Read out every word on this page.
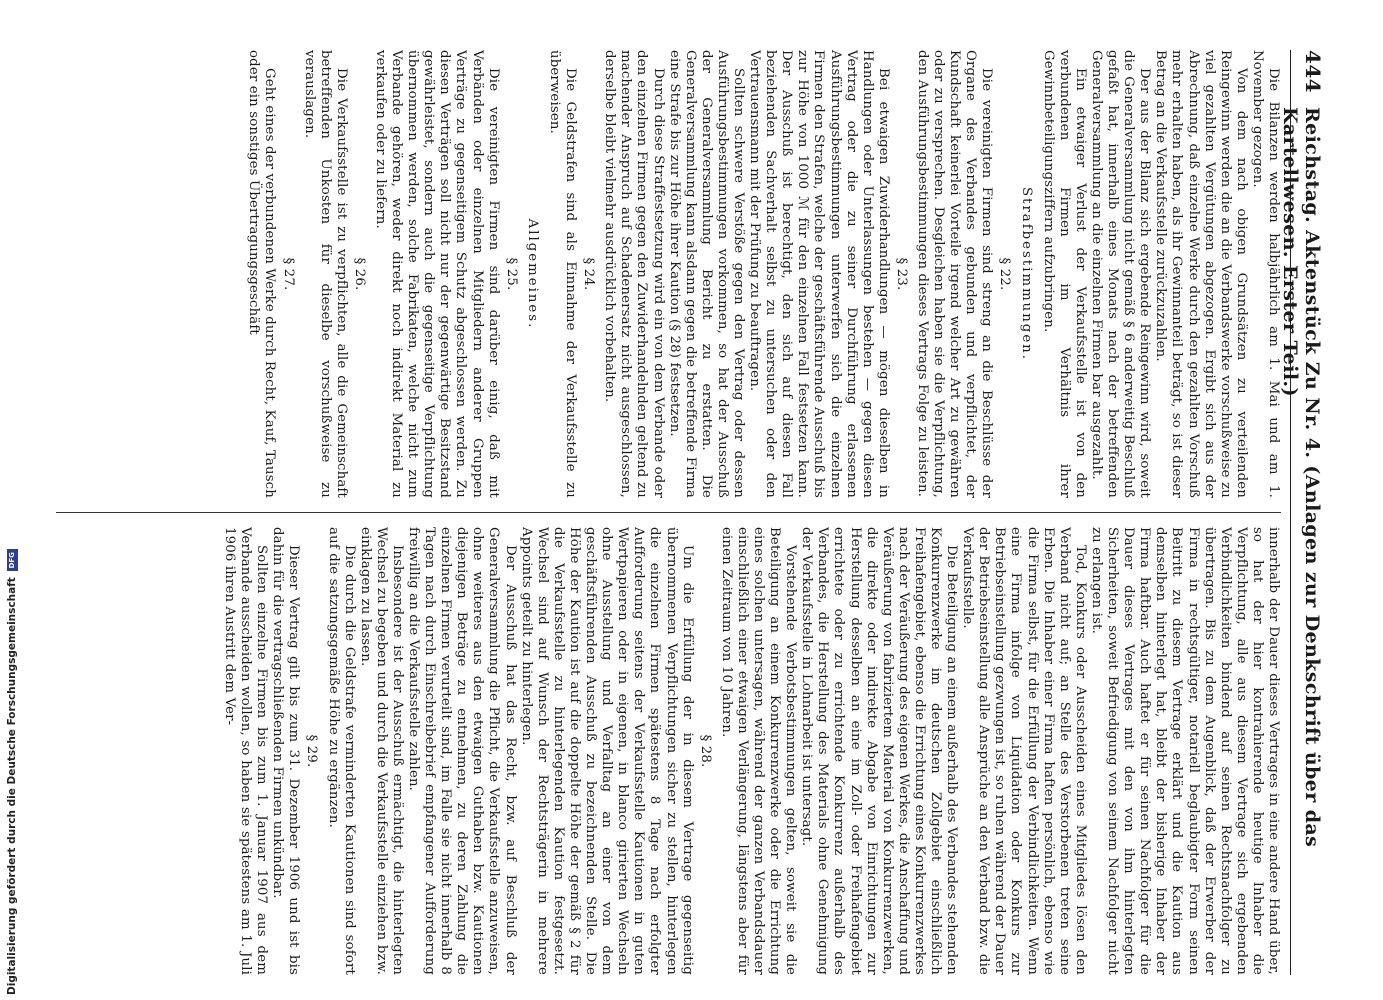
444
Reichstag. Aktenstück Zu Nr. 4. (Anlagen zur Denkschrift über das Kartellwesen. Erster Teil.)

Die Bilanzen werden halbjährlich am 1. Mai und am 1. November gezogen.

Von dem nach obigen Grundsätzen zu verteilenden Reingewinn werden die an die Verbandswerke vorschußweise zu viel gezahlten Vergütungen abgezogen. Ergibt sich aus der Abrechnung, daß einzelne Werke durch den gezahlten Vorschuß mehr erhalten haben, als ihr Gewinnanteil beträgt, so ist dieser Betrag an die Verkaufsstelle zurückzuzahlen.

Der aus der Bilanz sich ergebende Reingewinn wird, soweit die Generalversammlung nicht gemäß § 6 anderweitig Beschluß gefaßt hat, innerhalb eines Monats nach der betreffenden Generalversammlung an die einzelnen Firmen bar ausgezahlt.

Ein etwaiger Verlust der Verkaufsstelle ist von den verbundenen Firmen im Verhältnis ihrer Gewinnbeteiligungsziffern aufzubringen.

Strafbestimmungen.
§ 22.

Die vereinigten Firmen sind streng an die Beschlüsse der Organe des Verbandes gebunden und verpflichtet, der Kundschaft keinerlei Vorteile irgend welcher Art zu gewähren oder zu versprechen. Desgleichen haben sie die Verpflichtung, den Ausführungsbestimmungen dieses Vertrags Folge zu leisten.

§ 23.

Bei etwaigen Zuwiderhandlungen — mögen dieselben in Handlungen oder Unterlassungen bestehen — gegen diesen Vertrag oder die zu seiner Durchführung erlassenen Ausführungsbestimmungen unterwerfen sich die einzelnen Firmen den Strafen, welche der geschäftsführende Ausschuß bis zur Höhe von 1000 ℳ für den einzelnen Fall festsetzen kann. Der Ausschuß ist berechtigt, den sich auf diesen Fall beziehenden Sachverhalt selbst zu untersuchen oder den Vertrauensmann mit der Prüfung zu beauftragen.

Sollten schwere Verstöße gegen den Vertrag oder dessen Ausführungsbestimmungen vorkommen, so hat der Ausschuß der Generalversammlung Bericht zu erstatten. Die Generalversammlung kann alsdann gegen die betreffende Firma eine Strafe bis zur Höhe ihrer Kaution (§ 28) festsetzen.

Durch diese Straffestsetzung wird ein von dem Verbande oder den einzelnen Firmen gegen den Zuwiderhandelnden geltend zu machender Anspruch auf Schadenersatz nicht ausgeschlossen, derselbe bleibt vielmehr ausdrücklich vorbehalten.

§ 24.

Die Geldstrafen sind als Einnahme der Verkaufsstelle zu überweisen.

Allgemeines.
§ 25.

Die vereinigten Firmen sind darüber einig, daß mit Verbänden oder einzelnen Mitgliedern anderer Gruppen Verträge zu gegenseitigem Schutz abgeschlossen werden. Zu diesen Verträgen soll nicht nur der gegenwärtige Besitzstand gewährleistet, sondern auch die gegenseitige Verpflichtung übernommen werden, solche Fabrikaten, welche nicht zum Verbande gehören, weder direkt noch indirekt Material zu verkaufen oder zu liefern.

§ 26.

Die Verkaufsstelle ist zu verpflichten, alle die Gemeinschaft betreffenden Unkosten für dieselbe vorschußweise zu verauslagen.

§ 27.

Geht eines der verbundenen Werke durch Recht, Kauf, Tausch oder ein sonstiges Übertragungsgeschäft

innerhalb der Dauer dieses Vertrages in eine andere Hand über, so hat der hier kontrahierende heutige Inhaber die Verpflichtung, alle aus diesem Vertrage sich ergebenden Verbindlichkeiten bindend auf seinen Rechtsnachfolger zu übertragen. Bis zu dem Augenblick, daß der Erwerber der Firma in rechtsgültiger, notariell beglaubigter Form seinen Beitritt zu diesem Vertrage erklärt und die Kaution aus demselben hinterlegt hat, bleibt der bisherige Inhaber der Firma haftbar. Auch haftet er für seinen Nachfolger für die Dauer dieses Vertrages mit den von ihm hinterlegten Sicherheiten, soweit Befriedigung von seinem Nachfolger nicht zu erlangen ist.

Tod, Konkurs oder Ausscheiden eines Mitgliedes lösen den Verband nicht auf; an Stelle des Verstorbenen treten seine Erben. Die Inhaber einer Firma haften persönlich, ebenso wie die Firma selbst, für die Erfüllung der Verbindlichkeiten. Wenn eine Firma infolge von Liquidation oder Konkurs zur Betriebseinstellung gezwungen ist, so ruhen während der Dauer der Betriebseinstellung alle Ansprüche an den Verband bzw. die Verkaufsstelle.

Die Beteiligung an einem außerhalb des Verbandes stehenden Konkurrenzwerke im deutschen Zollgebiet einschließlich Freihafengebiet, ebenso die Errichtung eines Konkurrenzwerkes nach der Veräußerung des eigenen Werkes, die Anschaffung und Veräußerung von fabriziertem Material von Konkurrenzwerken, die direkte oder indirekte Abgabe von Einrichtungen zur Herstellung desselben an eine im Zoll- oder Freihafengebiet errichtete oder zu errichtende Konkurrenz außerhalb des Verbandes, die Herstellung des Materials ohne Genehmigung der Verkaufsstelle in Lohnarbeit ist untersagt.

Vorstehende Verbotsbestimmungen gelten, soweit sie die Beteiligung an einem Konkurrenzwerke oder die Errichtung eines solchen untersagen, während der ganzen Verbandsdauer einschließlich einer etwaigen Verlängerung, längstens aber für einen Zeitraum von 10 Jahren.

§ 28.

Um die Erfüllung der in diesem Vertrage gegenseitig übernommenen Verpflichtungen sicher zu stellen, hinterlegen die einzelnen Firmen spätestens 8 Tage nach erfolgter Aufforderung seitens der Verkaufsstelle Kautionen in guten Wertpapieren oder in eigenen, in blanco girierten Wechseln ohne Ausstellung und Verfalltag an einer von dem geschäftsführenden Ausschuß zu bezeichnenden Stelle. Die Höhe der Kaution ist auf die doppelte Höhe der gemäß § 2 für die Verkaufsstelle zu hinterlegenden Kaution festgesetzt. Wechsel sind auf Wunsch der Rechtsträgerin in mehrere Appoints geteilt zu hinterlegen.

Der Ausschuß hat das Recht, bzw. auf Beschluß der Generalversammlung die Pflicht, die Verkaufsstelle anzuweisen, ohne weiteres aus den etwaigen Guthaben bzw. Kautionen diejenigen Beträge zu entnehmen, zu deren Zahlung die einzelnen Firmen verurteilt sind, im Falle sie nicht innerhalb 8 Tagen nach durch Einschreibebrief empfangener Aufforderung freiwillig an die Verkaufsstelle zahlen.

Insbesondere ist der Ausschuß ermächtigt, die hinterlegten Wechsel zu begeben und durch die Verkaufsstelle einziehen bzw. einklagen zu lassen.

Die durch die Geldstrafe verminderten Kautionen sind sofort auf die satzungsgemäße Höhe zu ergänzen.

§ 29.

Dieser Vertrag gilt bis zum 31. Dezember 1906 und ist bis dahin für die vertragschließenden Firmen unkündbar.

Sollten einzelne Firmen bis zum 1. Januar 1907 aus dem Verbande ausscheiden wollen, so haben sie spätestens am 1. Juli 1906 ihren Austritt dem Ver-

Digitalisierung gefördert durch die Deutsche Forschungsgemeinschaft
DFG
